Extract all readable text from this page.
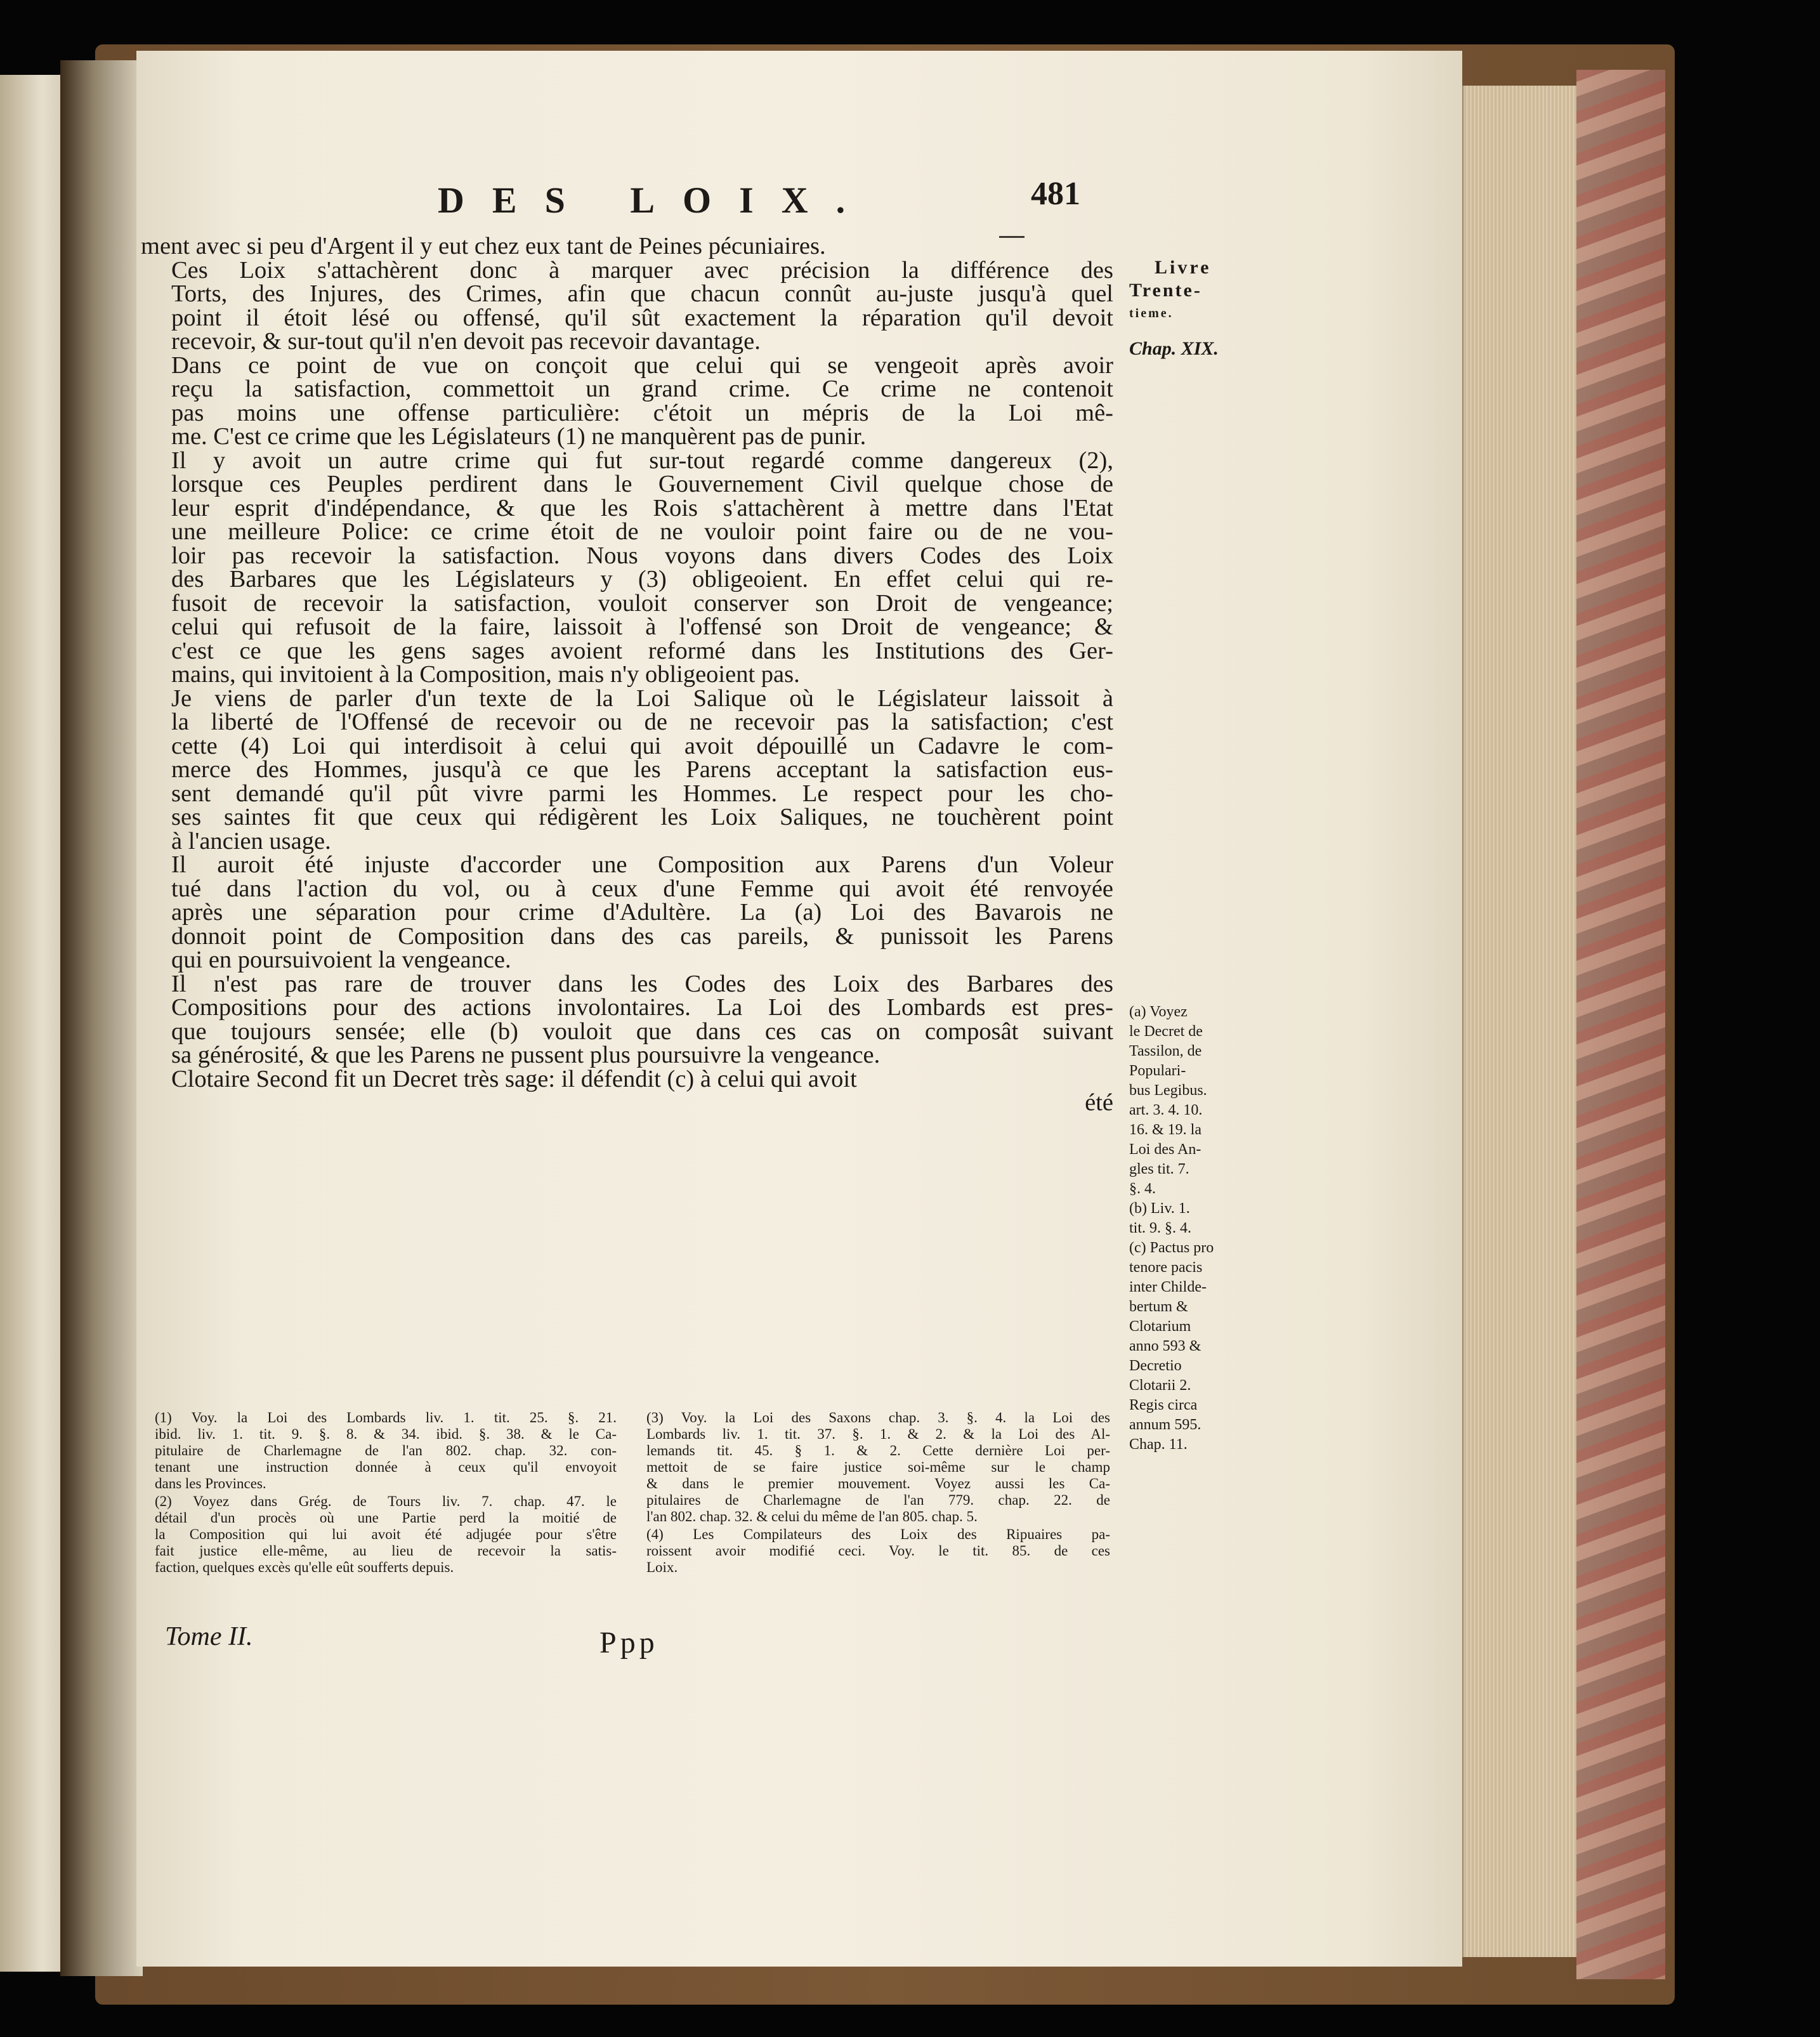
DES LOIX.	481

ment avec si peu d'Argent il y eut chez eux tant de Peines pécuniaires.

Ces Loix s'attachèrent donc à marquer avec précision la différence des
Torts, des Injures, des Crimes, afin que chacun connût au-juste jusqu'à quel
point il étoit lésé ou offensé, qu'il sût exactement la réparation qu'il devoit
recevoir, & sur-tout qu'il n'en devoit pas recevoir davantage.

Dans ce point de vue on conçoit que celui qui se vengeoit après avoir
reçu la satisfaction, commettoit un grand crime. Ce crime ne contenoit
pas moins une offense particulière: c'étoit un mépris de la Loi mê-
me. C'est ce crime que les Législateurs (1) ne manquèrent pas de punir.

Il y avoit un autre crime qui fut sur-tout regardé comme dangereux (2),
lorsque ces Peuples perdirent dans le Gouvernement Civil quelque chose de
leur esprit d'indépendance, & que les Rois s'attachèrent à mettre dans l'Etat
une meilleure Police: ce crime étoit de ne vouloir point faire ou de ne vou-
loir pas recevoir la satisfaction. Nous voyons dans divers Codes des Loix
des Barbares que les Législateurs y (3) obligeoient. En effet celui qui re-
fusoit de recevoir la satisfaction, vouloit conserver son Droit de vengeance;
celui qui refusoit de la faire, laissoit à l'offensé son Droit de vengeance; &
c'est ce que les gens sages avoient reformé dans les Institutions des Ger-
mains, qui invitoient à la Composition, mais n'y obligeoient pas.

Je viens de parler d'un texte de la Loi Salique où le Législateur laissoit à
la liberté de l'Offensé de recevoir ou de ne recevoir pas la satisfaction; c'est
cette (4) Loi qui interdisoit à celui qui avoit dépouillé un Cadavre le com-
merce des Hommes, jusqu'à ce que les Parens acceptant la satisfaction eus-
sent demandé qu'il pût vivre parmi les Hommes. Le respect pour les cho-
ses saintes fit que ceux qui rédigèrent les Loix Saliques, ne touchèrent point
à l'ancien usage.

Il auroit été injuste d'accorder une Composition aux Parens d'un Voleur
tué dans l'action du vol, ou à ceux d'une Femme qui avoit été renvoyée
après une séparation pour crime d'Adultère. La (a) Loi des Bavarois ne
donnoit point de Composition dans des cas pareils, & punissoit les Parens
qui en poursuivoient la vengeance.

Il n'est pas rare de trouver dans les Codes des Loix des Barbares des
Compositions pour des actions involontaires. La Loi des Lombards est pres-
que toujours sensée; elle (b) vouloit que dans ces cas on composât suivant
sa générosité, & que les Parens ne pussent plus poursuivre la vengeance.

Clotaire Second fit un Decret très sage: il défendit (c) à celui qui avoit

été
Livre
Trente-
tieme.
Chap. XIX.
(a) Voyez
le Decret de
Tassilon, de
Populari-
bus Legibus.
art. 3. 4. 10.
16. & 19. la
Loi des An-
gles tit. 7.
§. 4.
(b) Liv. 1.
tit. 9. §. 4.
(c) Pactus pro
tenore pacis
inter Childe-
bertum &
Clotarium
anno 593 &
Decretio
Clotarii 2.
Regis circa
annum 595.
Chap. 11.

(1) Voy. la Loi des Lombards liv. 1. tit. 25. §. 21.
ibid. liv. 1. tit. 9. §. 8. & 34. ibid. §. 38. & le Ca-
pitulaire de Charlemagne de l'an 802. chap. 32. con-
tenant une instruction donnée à ceux qu'il envoyoit
dans les Provinces.

(2) Voyez dans Grég. de Tours liv. 7. chap. 47. le
détail d'un procès où une Partie perd la moitié de
la Composition qui lui avoit été adjugée pour s'être
fait justice elle-même, au lieu de recevoir la satis-
faction, quelques excès qu'elle eût soufferts depuis.

(3) Voy. la Loi des Saxons chap. 3. §. 4. la Loi des
Lombards liv. 1. tit. 37. §. 1. & 2. & la Loi des Al-
lemands tit. 45. § 1. & 2. Cette dernière Loi per-
mettoit de se faire justice soi-même sur le champ
& dans le premier mouvement. Voyez aussi les Ca-
pitulaires de Charlemagne de l'an 779. chap. 22. de
l'an 802. chap. 32. & celui du même de l'an 805. chap. 5.

(4) Les Compilateurs des Loix des Ripuaires pa-
roissent avoir modifié ceci. Voy. le tit. 85. de ces
Loix.

Tome II.	Ppp
